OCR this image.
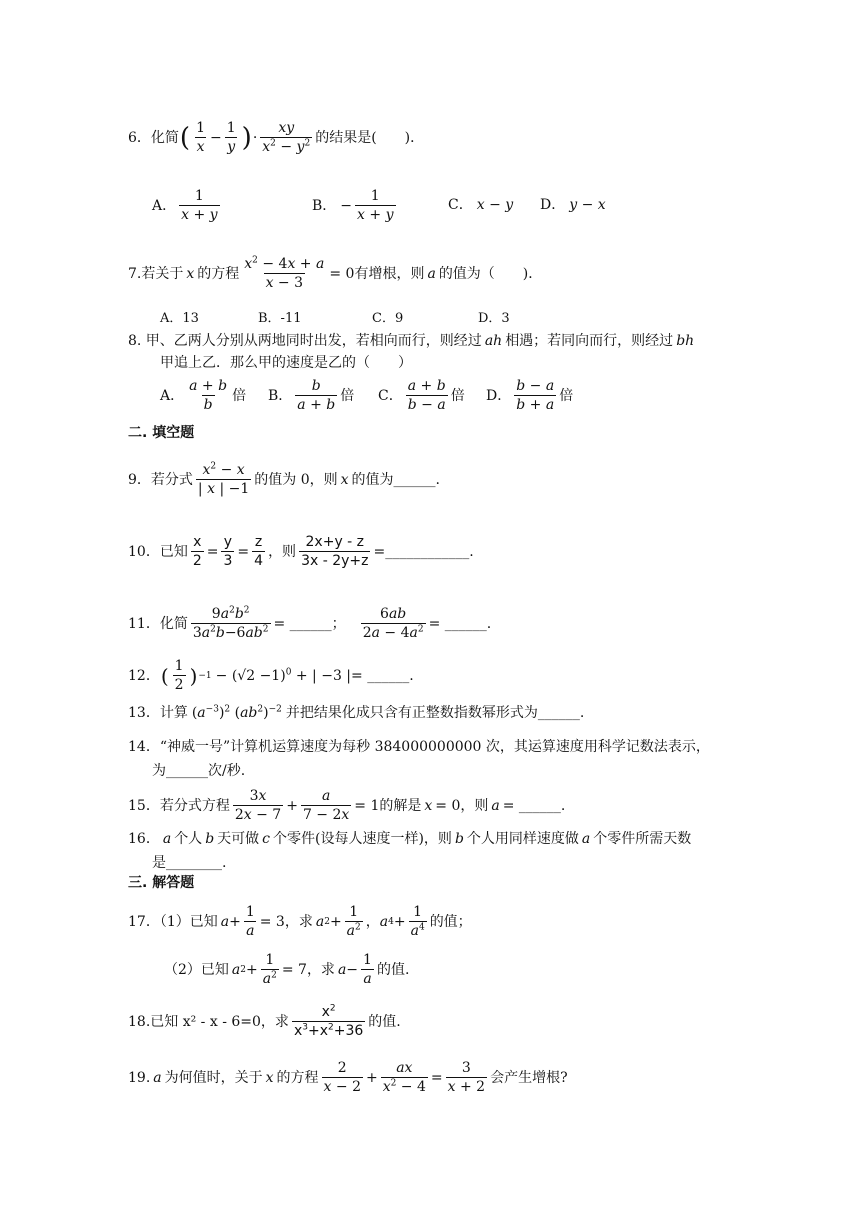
6．化简 ( $\frac{1}{x} - \frac{1}{y}$ ) · $\frac{xy}{x^2 - y^2}$ 的结果是(　　)．
A． $\frac{1}{x + y}$	B． − $\frac{1}{x + y}$	C． x − y D． y − x
7.若关于 x 的方程 $\frac{x^2 - 4x + a}{x - 3} = 0$ 有增根，则 a 的值为（　　)．
A．13	B．-11	C．9	D．3
8. 甲、乙两人分别从两地同时出发，若相向而行，则经过 ah 相遇；若同向而行，则经过 bh
甲追上乙．那么甲的速度是乙的（　　）
A． $\frac{a + b}{b}$ 倍 B． $\frac{b}{a + b}$ 倍 C． $\frac{a + b}{b - a}$ 倍 D． $\frac{b - a}{b + a}$ 倍
二. 填空题
9．若分式 $\frac{x^2 - x}{| x | -1}$ 的值为 0，则 x 的值为______.
10．已知 $\frac{x}{2} = \frac{y}{3} = \frac{z}{4}$ ，则 $\frac{2x+y - z}{3x - 2y+z}$ =____________.
11．化简 $\frac{9a^2b^2}{3a^2b-6ab^2}$ = ______； $\frac{6ab}{2a - 4a^2}$ = ______.
12． ( $\frac{1}{2}$ ) $-1 - (√2 -1)^0$ + | −3 | = ______.
13．计算 $(a^{-3})^2$ $(ab^2)^{-2}$ 并把结果化成只含有正整数指数幂形式为______.
14．“神威一号”计算机运算速度为每秒 384000000000 次，其运算速度用科学记数法表示，
为______次/秒.
15．若分式方程 $\frac{3x}{2x - 7} + \frac{a}{7 - 2x} = 1$ 的解是 x = 0 ，则 a = ______.
16． a 个人 b 天可做 c 个零件(设每人速度一样)，则 b 个人用同样速度做 a 个零件所需天数
是________.
三. 解答题
17．（1）已知 $a + \frac{1}{a} = 3$ ，求 a $2 + \frac{1}{a^2}$ ， a $4 + \frac{1}{a^4}$ 的值；
（2）已知 a $2 + \frac{1}{a^2} = 7$ ，求 $a - \frac{1}{a}$ 的值.
18.已知 x² - x - 6=0，求 $\frac{x^2}{x^3+x^2+36}$ 的值.
19. a 为何值时，关于 x 的方程 $\frac{2}{x - 2} + \frac{ax}{x^2 - 4} = \frac{3}{x + 2}$ 会产生增根?
